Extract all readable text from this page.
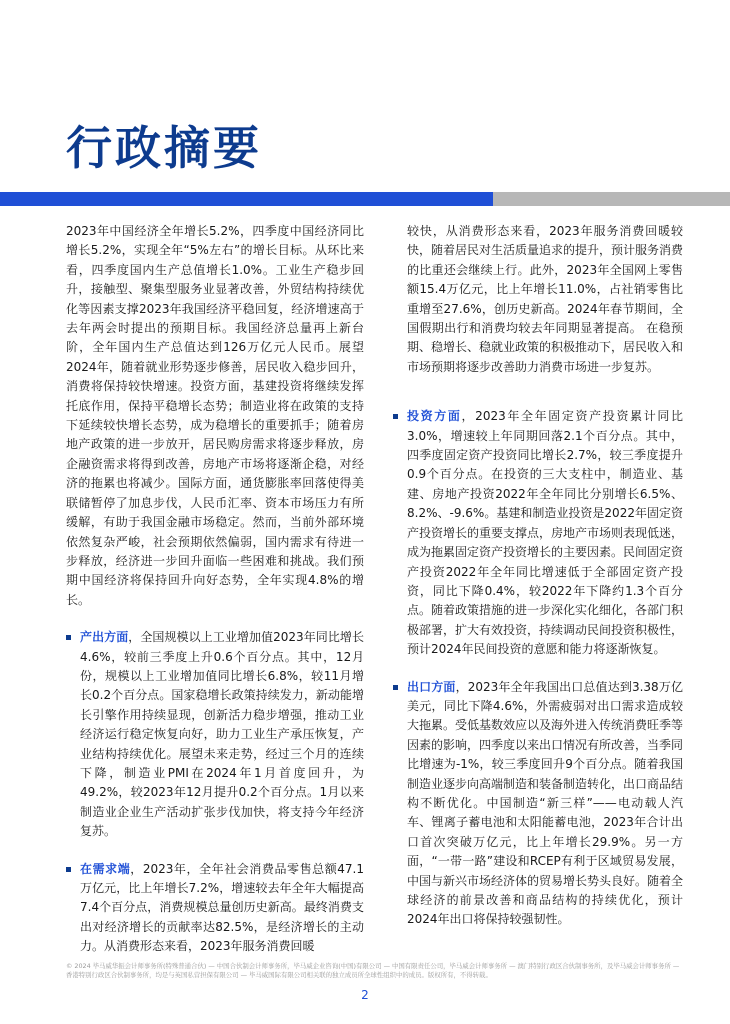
行政摘要

2023年中国经济全年增长5.2%，四季度中国经济同比增长5.2%，实现全年“5%左右”的增长目标。从环比来看，四季度国内生产总值增长1.0%。工业生产稳步回升，接触型、聚集型服务业显著改善，外贸结构持续优化等因素支撑2023年我国经济平稳回复，经济增速高于去年两会时提出的预期目标。我国经济总量再上新台阶，全年国内生产总值达到126万亿元人民币。展望2024年，随着就业形势逐步修善，居民收入稳步回升，消费将保持较快增速。投资方面，基建投资将继续发挥托底作用，保持平稳增长态势；制造业将在政策的支持下延续较快增长态势，成为稳增长的重要抓手；随着房地产政策的进一步放开，居民购房需求将逐步释放，房企融资需求将得到改善，房地产市场将逐渐企稳，对经济的拖累也将减少。国际方面，通货膨胀率回落使得美联储暂停了加息步伐，人民币汇率、资本市场压力有所缓解，有助于我国金融市场稳定。然而，当前外部环境依然复杂严峻，社会预期依然偏弱，国内需求有待进一步释放，经济进一步回升面临一些困难和挑战。我们预期中国经济将保持回升向好态势，全年实现4.8%的增长。

产出方面，全国规模以上工业增加值2023年同比增长4.6%，较前三季度上升0.6个百分点。其中，12月份，规模以上工业增加值同比增长6.8%，较11月增长0.2个百分点。国家稳增长政策持续发力，新动能增长引擎作用持续显现，创新活力稳步增强，推动工业经济运行稳定恢复向好，助力工业生产承压恢复，产业结构持续优化。展望未来走势，经过三个月的连续下降，制造业PMI在2024年1月首度回升，为49.2%，较2023年12月提升0.2个百分点。1月以来制造业企业生产活动扩张步伐加快，将支持今年经济复苏。

在需求端，2023年，全年社会消费品零售总额47.1万亿元，比上年增长7.2%，增速较去年全年大幅提高7.4个百分点，消费规模总量创历史新高。最终消费支出对经济增长的贡献率达82.5%，是经济增长的主动力。从消费形态来看，2023年服务消费回暖

较快，从消费形态来看，2023年服务消费回暖较快，随着居民对生活质量追求的提升，预计服务消费的比重还会继续上行。此外，2023年全国网上零售额15.4万亿元，比上年增长11.0%，占社销零售比重增至27.6%，创历史新高。2024年春节期间，全国假期出行和消费均较去年同期显著提高。 在稳预期、稳增长、稳就业政策的积极推动下，居民收入和市场预期将逐步改善助力消费市场进一步复苏。

投资方面，2023年全年固定资产投资累计同比3.0%，增速较上年同期回落2.1个百分点。其中，四季度固定资产投资同比增长2.7%，较三季度提升0.9个百分点。在投资的三大支柱中，制造业、基建、房地产投资2022年全年同比分别增长6.5%、8.2%、-9.6%。基建和制造业投资是2022年固定资产投资增长的重要支撑点，房地产市场则表现低迷，成为拖累固定资产投资增长的主要因素。民间固定资产投资2022年全年同比增速低于全部固定资产投资，同比下降0.4%，较2022年下降约1.3个百分点。随着政策措施的进一步深化实化细化，各部门积极部署，扩大有效投资，持续调动民间投资积极性，预计2024年民间投资的意愿和能力将逐渐恢复。

出口方面，2023年全年我国出口总值达到3.38万亿美元，同比下降4.6%，外需疲弱对出口需求造成较大拖累。受低基数效应以及海外进入传统消费旺季等因素的影响，四季度以来出口情况有所改善，当季同比增速为-1%，较三季度回升9个百分点。随着我国制造业逐步向高端制造和装备制造转化，出口商品结构不断优化。中国制造“新三样”——电动载人汽车、锂离子蓄电池和太阳能蓄电池，2023年合计出口首次突破万亿元，比上年增长29.9%。另一方面，“一带一路”建设和RCEP有利于区域贸易发展，中国与新兴市场经济体的贸易增长势头良好。随着全球经济的前景改善和商品结构的持续优化，预计2024年出口将保持较强韧性。

© 2024 毕马威华振会计师事务所(特殊普通合伙) — 中国合伙制会计师事务所，毕马威企业咨询(中国)有限公司 — 中国有限责任公司，毕马威会计师事务所 — 澳门特别行政区合伙制事务所，及毕马威会计师事务所 — 香港特别行政区合伙制事务所，均是与英国私营担保有限公司 — 毕马威国际有限公司相关联的独立成员所全球性组织中的成员。版权所有，不得转载。
2
